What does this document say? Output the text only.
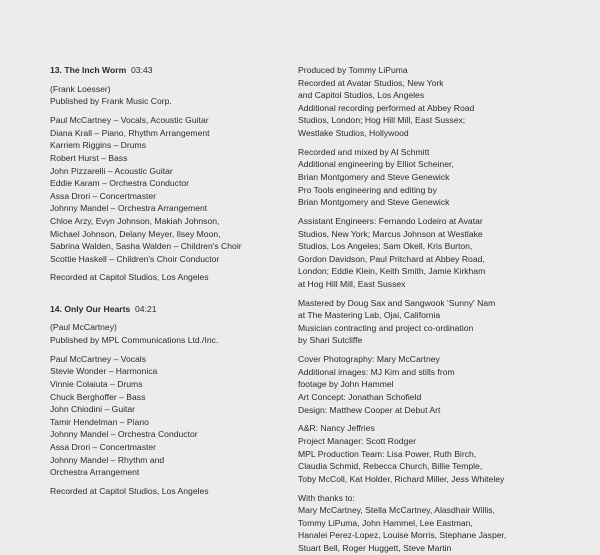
13. The Inch Worm 03:43
(Frank Loesser)
Published by Frank Music Corp.
Paul McCartney – Vocals, Acoustic Guitar
Diana Krall – Piano, Rhythm Arrangement
Karriem Riggins – Drums
Robert Hurst – Bass
John Pizzarelli – Acoustic Guitar
Eddie Karam – Orchestra Conductor
Assa Drori – Concertmaster
Johnny Mandel – Orchestra Arrangement
Chloe Arzy, Evyn Johnson, Makiah Johnson,
Michael Johnson, Delany Meyer, Ilsey Moon,
Sabrina Walden, Sasha Walden – Children's Choir
Scottie Haskell – Children's Choir Conductor
Recorded at Capitol Studios, Los Angeles
14. Only Our Hearts 04:21
(Paul McCartney)
Published by MPL Communications Ltd./Inc.
Paul McCartney – Vocals
Stevie Wonder – Harmonica
Vinnie Colaiuta – Drums
Chuck Berghoffer – Bass
John Chiodini – Guitar
Tamir Hendelman – Piano
Johnny Mandel – Orchestra Conductor
Assa Drori – Concertmaster
Johnny Mandel – Rhythm and
Orchestra Arrangement
Recorded at Capitol Studios, Los Angeles
Produced by Tommy LiPuma
Recorded at Avatar Studios, New York
and Capitol Studios, Los Angeles
Additional recording performed at Abbey Road
Studios, London; Hog Hill Mill, East Sussex;
Westlake Studios, Hollywood
Recorded and mixed by Al Schmitt
Additional engineering by Elliot Scheiner,
Brian Montgomery and Steve Genewick
Pro Tools engineering and editing by
Brian Montgomery and Steve Genewick
Assistant Engineers: Fernando Lodeiro at Avatar
Studios, New York; Marcus Johnson at Westlake
Studios, Los Angeles; Sam Okell, Kris Burton,
Gordon Davidson, Paul Pritchard at Abbey Road,
London; Eddie Klein, Keith Smith, Jamie Kirkham
at Hog Hill Mill, East Sussex
Mastered by Doug Sax and Sangwook 'Sunny' Nam
at The Mastering Lab, Ojai, California
Musician contracting and project co-ordination
by Shari Sutcliffe
Cover Photography: Mary McCartney
Additional images: MJ Kim and stills from
footage by John Hammel
Art Concept: Jonathan Schofield
Design: Matthew Cooper at Debut Art
A&R: Nancy Jeffries
Project Manager: Scott Rodger
MPL Production Team: Lisa Power, Ruth Birch,
Claudia Schmid, Rebecca Church, Billie Temple,
Toby McColl, Kat Holder, Richard Miller, Jess Whiteley
With thanks to:
Mary McCartney, Stella McCartney, Alasdhair Willis,
Tommy LiPuma, John Hammel, Lee Eastman,
Hanalei Perez-Lopez, Louise Morris, Stephane Jasper,
Stuart Bell, Roger Huggett, Steve Martin
